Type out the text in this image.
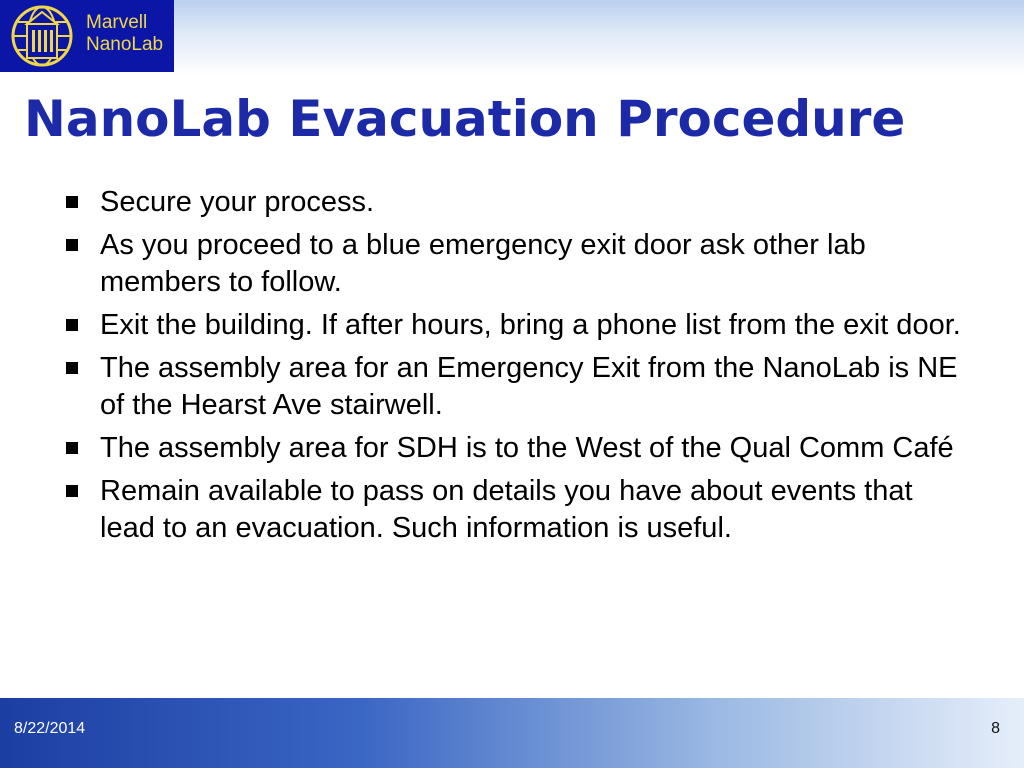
Marvell
NanoLab
NanoLab Evacuation Procedure
Secure your process.
As you proceed to a blue emergency exit door ask other lab members to follow.
Exit the building. If after hours, bring a phone list from the exit door.
The assembly area for an Emergency Exit from the NanoLab is NE of the Hearst Ave stairwell.
The assembly area for SDH is to the West of the Qual Comm Café
Remain available to pass on details you have about events that lead to an evacuation. Such information is useful.
8/22/2014	8
